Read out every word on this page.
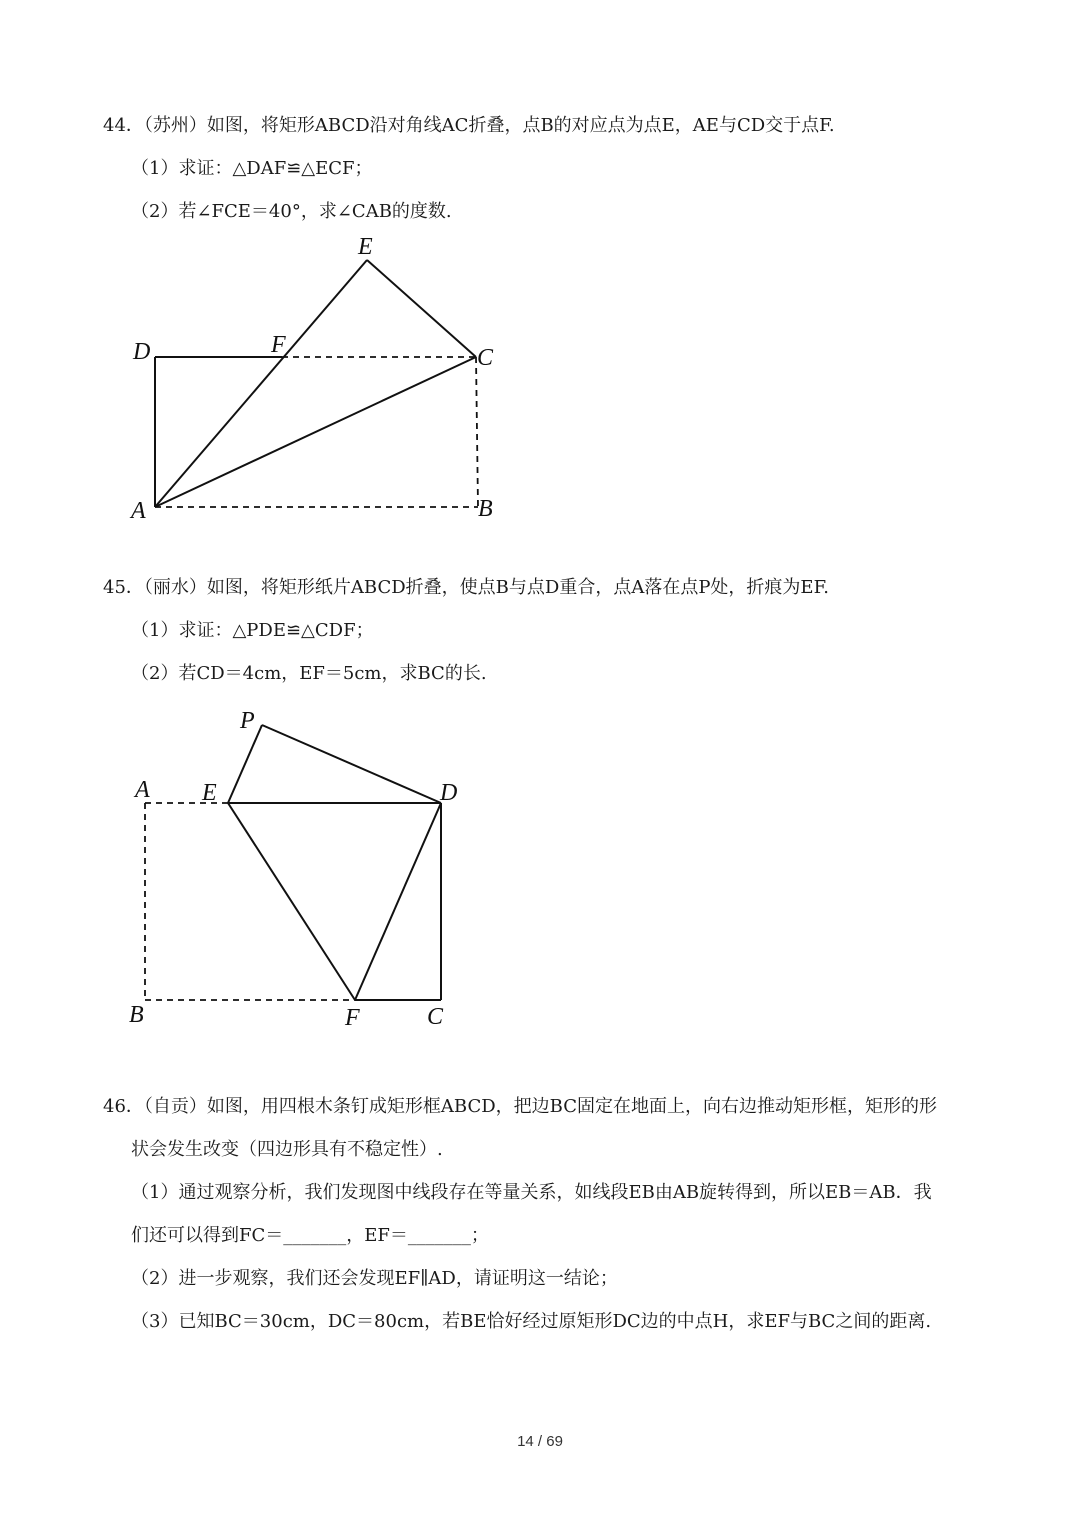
44．（苏州）如图，将矩形ABCD沿对角线AC折叠，点B的对应点为点E，AE与CD交于点F.
（1）求证：△DAF≌△ECF；
（2）若∠FCE＝40°，求∠CAB的度数.
E
D	F	C
A	B
45．（丽水）如图，将矩形纸片ABCD折叠，使点B与点D重合，点A落在点P处，折痕为EF.
（1）求证：△PDE≌△CDF；
（2）若CD＝4cm，EF＝5cm，求BC的长.
P
A E	D
B	F	C
46．（自贡）如图，用四根木条钉成矩形框ABCD，把边BC固定在地面上，向右边推动矩形框，矩形的形
状会发生改变（四边形具有不稳定性）.
（1）通过观察分析，我们发现图中线段存在等量关系，如线段EB由AB旋转得到，所以EB＝AB．我
们还可以得到FC＝_______，EF＝_______；
（2）进一步观察，我们还会发现EF∥AD，请证明这一结论；
（3）已知BC＝30cm，DC＝80cm，若BE恰好经过原矩形DC边的中点H，求EF与BC之间的距离.
14 / 69
